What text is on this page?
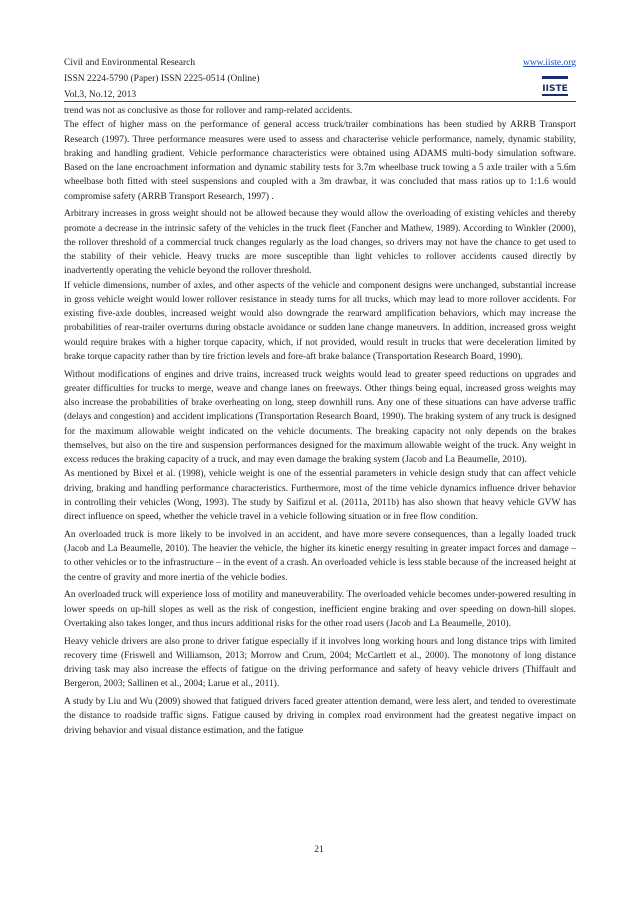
Civil and Environmental Research
ISSN 2224-5790 (Paper) ISSN 2225-0514 (Online)
Vol.3, No.12, 2013
www.iiste.org
IISTE

trend was not as conclusive as those for rollover and ramp-related accidents.

The effect of higher mass on the performance of general access truck/trailer combinations has been studied by ARRB Transport Research (1997). Three performance measures were used to assess and characterise vehicle performance, namely, dynamic stability, braking and handling gradient. Vehicle performance characteristics were obtained using ADAMS multi-body simulation software. Based on the lane encroachment information and dynamic stability tests for 3.7m wheelbase truck towing a 5 axle trailer with a 5.6m wheelbase both fitted with steel suspensions and coupled with a 3m drawbar, it was concluded that mass ratios up to 1:1.6 would compromise safety (ARRB Transport Research, 1997) .

Arbitrary increases in gross weight should not be allowed because they would allow the overloading of existing vehicles and thereby promote a decrease in the intrinsic safety of the vehicles in the truck fleet (Fancher and Mathew, 1989). According to Winkler (2000), the rollover threshold of a commercial truck changes regularly as the load changes, so drivers may not have the chance to get used to the stability of their vehicle. Heavy trucks are more susceptible than light vehicles to rollover accidents caused directly by inadvertently operating the vehicle beyond the rollover threshold.

If vehicle dimensions, number of axles, and other aspects of the vehicle and component designs were unchanged, substantial increase in gross vehicle weight would lower rollover resistance in steady turns for all trucks, which may lead to more rollover accidents. For existing five-axle doubles, increased weight would also downgrade the rearward amplification behaviors, which may increase the probabilities of rear-trailer overturns during obstacle avoidance or sudden lane change maneuvers. In addition, increased gross weight would require brakes with a higher torque capacity, which, if not provided, would result in trucks that were deceleration limited by brake torque capacity rather than by tire friction levels and fore-aft brake balance (Transportation Research Board, 1990).

Without modifications of engines and drive trains, increased truck weights would lead to greater speed reductions on upgrades and greater difficulties for trucks to merge, weave and change lanes on freeways. Other things being equal, increased gross weights may also increase the probabilities of brake overheating on long, steep downhill runs. Any one of these situations can have adverse traffic (delays and congestion) and accident implications (Transportation Research Board, 1990). The braking system of any truck is designed for the maximum allowable weight indicated on the vehicle documents. The breaking capacity not only depends on the brakes themselves, but also on the tire and suspension performances designed for the maximum allowable weight of the truck. Any weight in excess reduces the braking capacity of a truck, and may even damage the braking system (Jacob and La Beaumelle, 2010).

As mentioned by Bixel et al. (1998), vehicle weight is one of the essential parameters in vehicle design study that can affect vehicle driving, braking and handling performance characteristics. Furthermore, most of the time vehicle dynamics influence driver behavior in controlling their vehicles (Wong, 1993). The study by Saifizul et al. (2011a, 2011b) has also shown that heavy vehicle GVW has direct influence on speed, whether the vehicle travel in a vehicle following situation or in free flow condition.

An overloaded truck is more likely to be involved in an accident, and have more severe consequences, than a legally loaded truck (Jacob and La Beaumelle, 2010). The heavier the vehicle, the higher its kinetic energy resulting in greater impact forces and damage – to other vehicles or to the infrastructure – in the event of a crash. An overloaded vehicle is less stable because of the increased height at the centre of gravity and more inertia of the vehicle bodies.

An overloaded truck will experience loss of motility and maneuverability. The overloaded vehicle becomes under-powered resulting in lower speeds on up-hill slopes as well as the risk of congestion, inefficient engine braking and over speeding on down-hill slopes. Overtaking also takes longer, and thus incurs additional risks for the other road users (Jacob and La Beaumelle, 2010).

Heavy vehicle drivers are also prone to driver fatigue especially if it involves long working hours and long distance trips with limited recovery time (Friswell and Williamson, 2013; Morrow and Crum, 2004; McCartlett et al., 2000). The monotony of long distance driving task may also increase the effects of fatigue on the driving performance and safety of heavy vehicle drivers (Thiffault and Bergeron, 2003; Sallinen et al., 2004; Larue et al., 2011).

A study by Liu and Wu (2009) showed that fatigued drivers faced greater attention demand, were less alert, and tended to overestimate the distance to roadside traffic signs. Fatigue caused by driving in complex road environment had the greatest negative impact on driving behavior and visual distance estimation, and the fatigue

21
